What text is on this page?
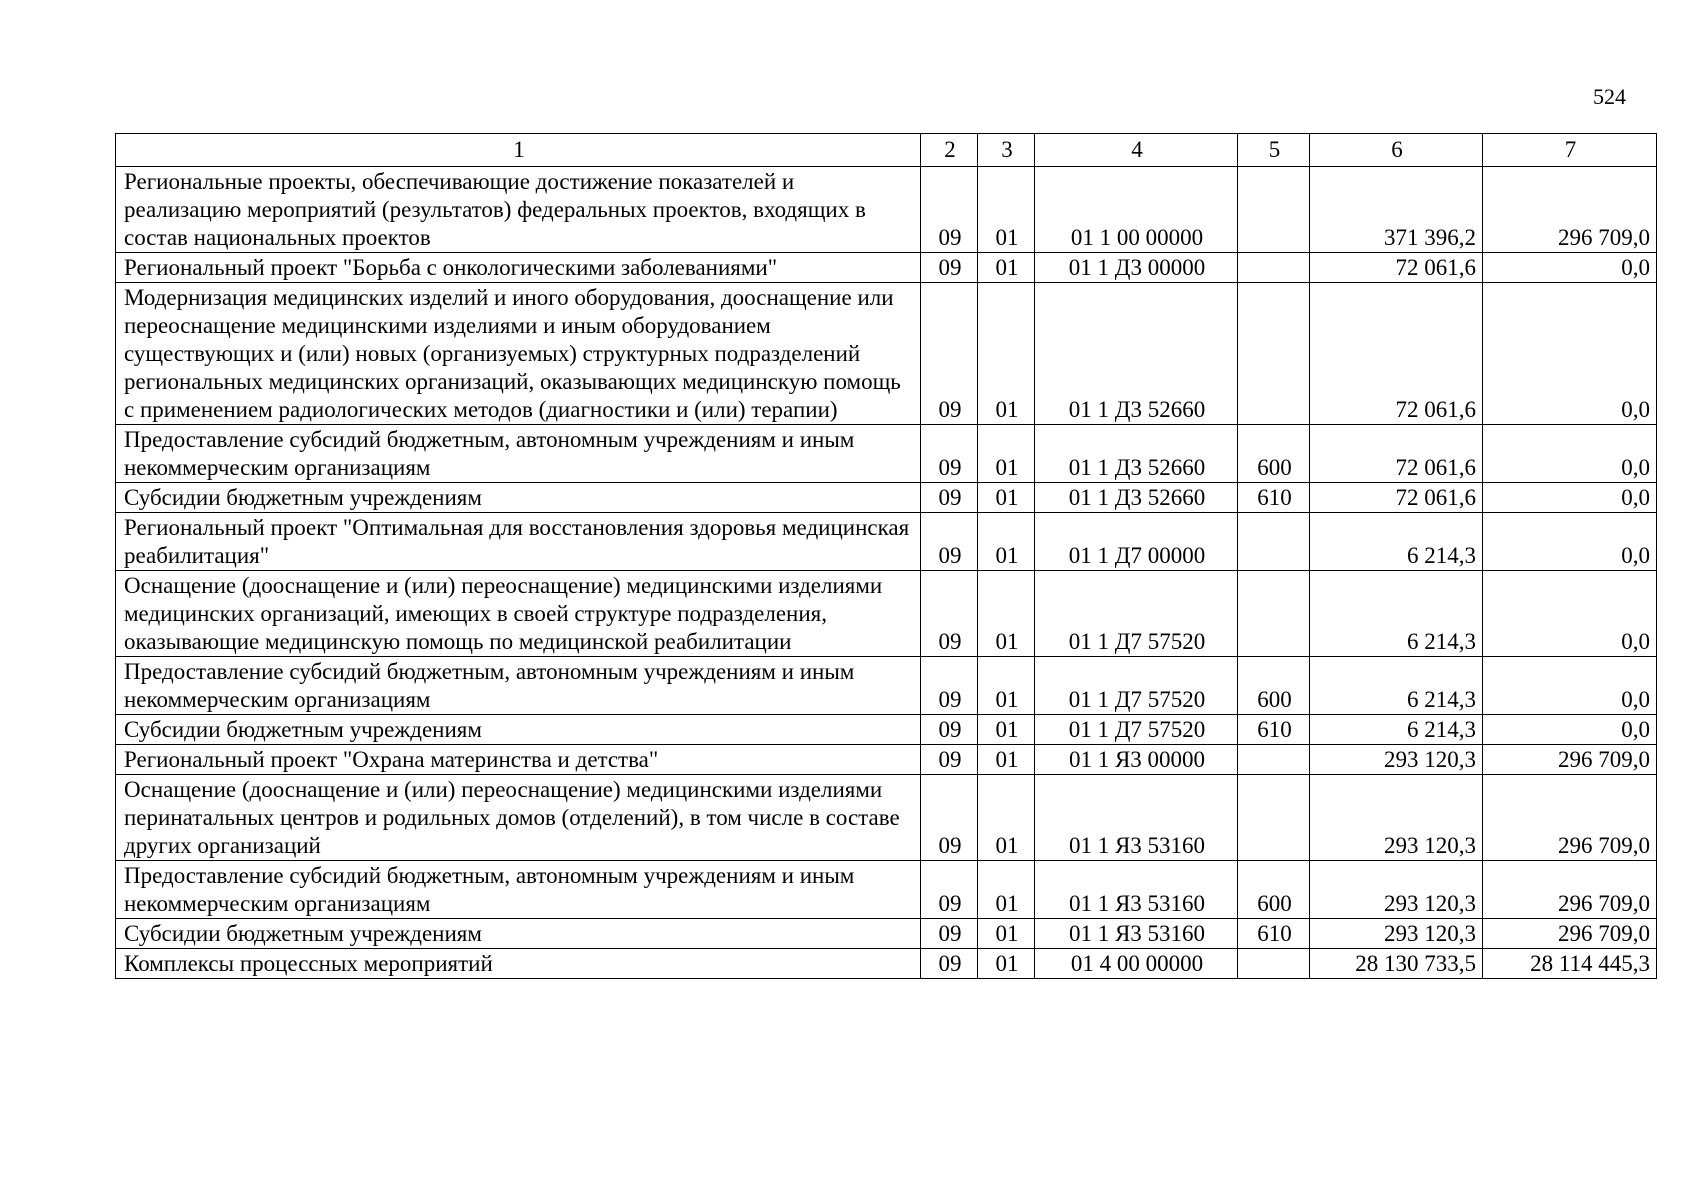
524
1	2	3	4	5	6	7
Региональные проекты, обеспечивающие достижение показателей и реализацию мероприятий (результатов) федеральных проектов, входящих в состав национальных проектов	09	01	01 1 00 00000		371 396,2	296 709,0
Региональный проект "Борьба с онкологическими заболеваниями"	09	01	01 1 Д3 00000		72 061,6	0,0
Модернизация медицинских изделий и иного оборудования, дооснащение или переоснащение медицинскими изделиями и иным оборудованием существующих и (или) новых (организуемых) структурных подразделений региональных медицинских организаций, оказывающих медицинскую помощь с применением радиологических методов (диагностики и (или) терапии)	09	01	01 1 Д3 52660		72 061,6	0,0
Предоставление субсидий бюджетным, автономным учреждениям и иным некоммерческим организациям	09	01	01 1 Д3 52660	600	72 061,6	0,0
Субсидии бюджетным учреждениям	09	01	01 1 Д3 52660	610	72 061,6	0,0
Региональный проект "Оптимальная для восстановления здоровья медицинская реабилитация"	09	01	01 1 Д7 00000		6 214,3	0,0
Оснащение (дооснащение и (или) переоснащение) медицинскими изделиями медицинских организаций, имеющих в своей структуре подразделения, оказывающие медицинскую помощь по медицинской реабилитации	09	01	01 1 Д7 57520		6 214,3	0,0
Предоставление субсидий бюджетным, автономным учреждениям и иным некоммерческим организациям	09	01	01 1 Д7 57520	600	6 214,3	0,0
Субсидии бюджетным учреждениям	09	01	01 1 Д7 57520	610	6 214,3	0,0
Региональный проект "Охрана материнства и детства"	09	01	01 1 Я3 00000		293 120,3	296 709,0
Оснащение (дооснащение и (или) переоснащение) медицинскими изделиями перинатальных центров и родильных домов (отделений), в том числе в составе других организаций	09	01	01 1 Я3 53160		293 120,3	296 709,0
Предоставление субсидий бюджетным, автономным учреждениям и иным некоммерческим организациям	09	01	01 1 Я3 53160	600	293 120,3	296 709,0
Субсидии бюджетным учреждениям	09	01	01 1 Я3 53160	610	293 120,3	296 709,0
Комплексы процессных мероприятий	09	01	01 4 00 00000		28 130 733,5	28 114 445,3
